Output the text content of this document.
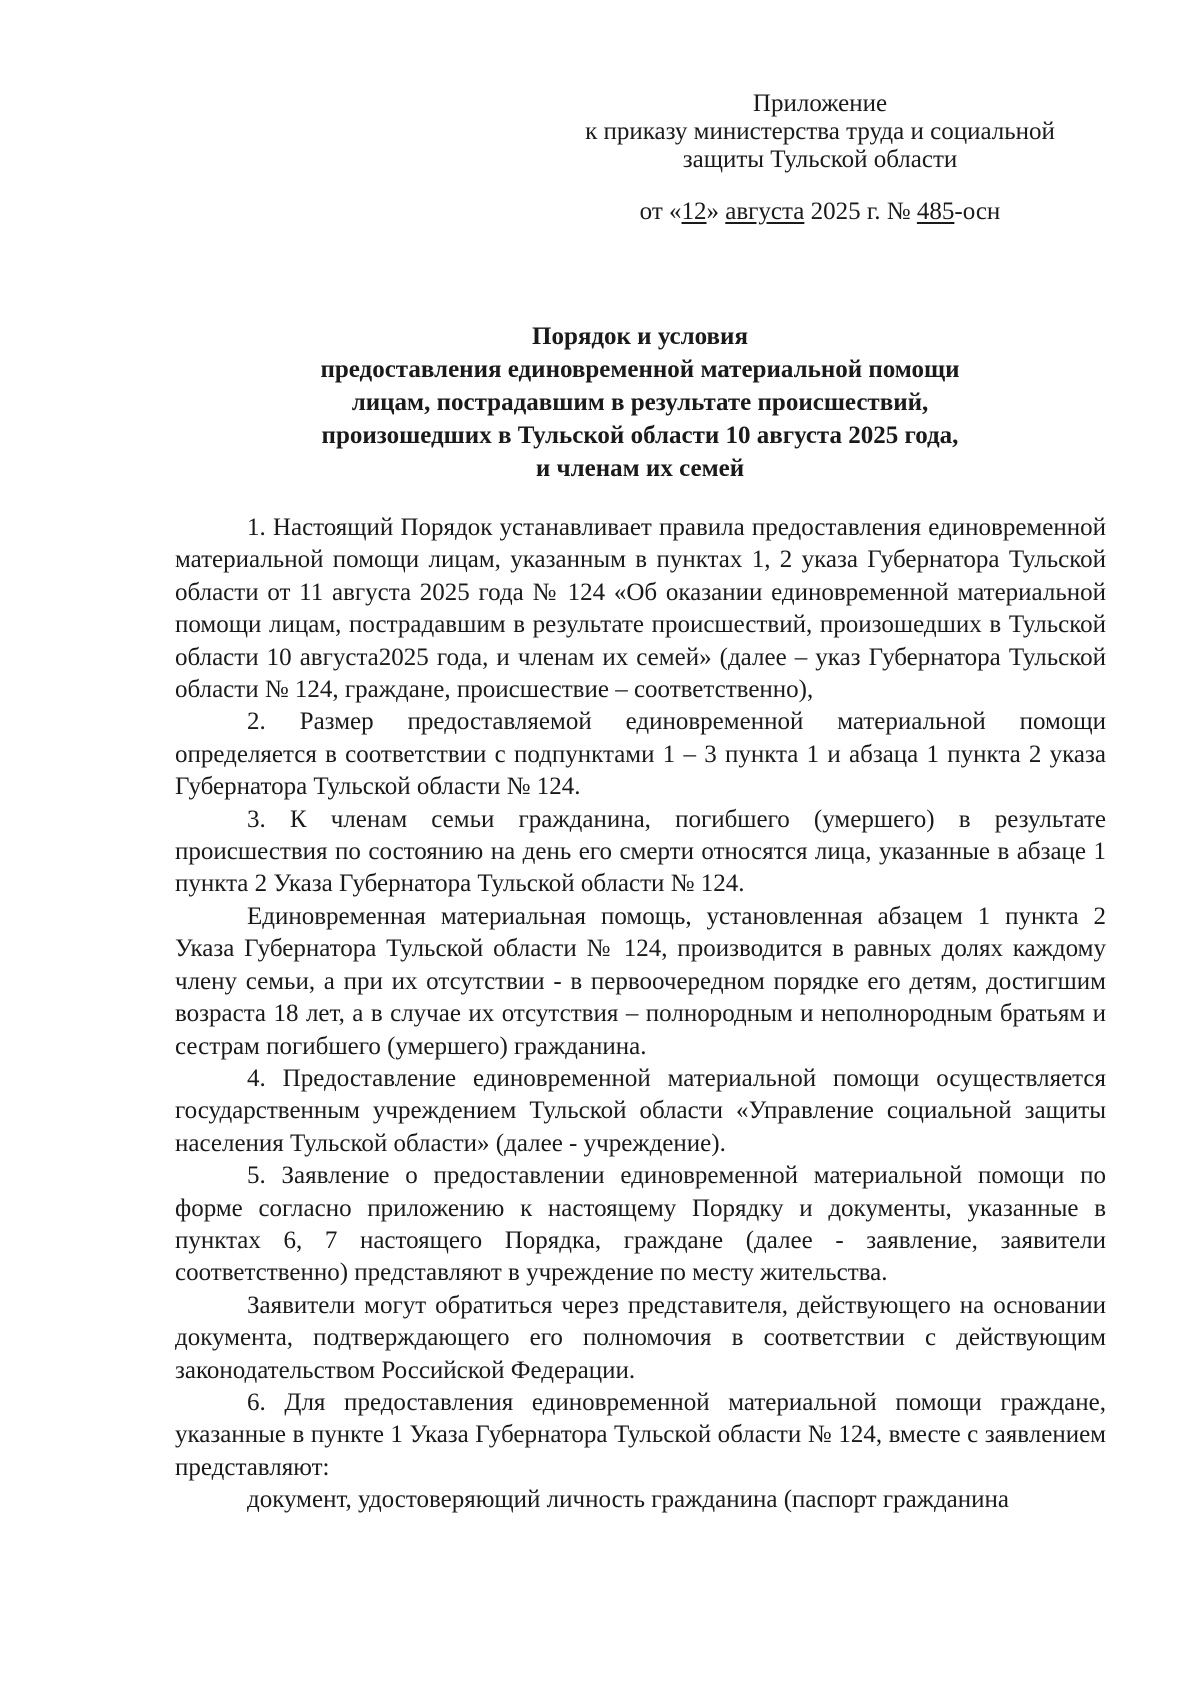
Приложение
к приказу министерства труда и социальной
защиты Тульской области
от «12» августа 2025 г. № 485-осн
Порядок и условия
предоставления единовременной материальной помощи
лицам, пострадавшим в результате происшествий,
произошедших в Тульской области 10 августа 2025 года,
и членам их семей

1. Настоящий Порядок устанавливает правила предоставления единовременной материальной помощи лицам, указанным в пунктах 1, 2 указа Губернатора Тульской области от 11 августа 2025 года № 124 «Об оказании единовременной материальной помощи лицам, пострадавшим в результате происшествий, произошедших в Тульской области 10 августа2025 года, и членам их семей» (далее – указ Губернатора Тульской области № 124, граждане, происшествие – соответственно),

2. Размер предоставляемой единовременной материальной помощи определяется в соответствии с подпунктами 1 – 3 пункта 1 и абзаца 1 пункта 2 указа Губернатора Тульской области № 124.

3. К членам семьи гражданина, погибшего (умершего) в результате происшествия по состоянию на день его смерти относятся лица, указанные в абзаце 1 пункта 2 Указа Губернатора Тульской области № 124.

Единовременная материальная помощь, установленная абзацем 1 пункта 2 Указа Губернатора Тульской области № 124, производится в равных долях каждому члену семьи, а при их отсутствии - в первоочередном порядке его детям, достигшим возраста 18 лет, а в случае их отсутствия – полнородным и неполнородным братьям и сестрам погибшего (умершего) гражданина.

4. Предоставление единовременной материальной помощи осуществляется государственным учреждением Тульской области «Управление социальной защиты населения Тульской области» (далее - учреждение).

5. Заявление о предоставлении единовременной материальной помощи по форме согласно приложению к настоящему Порядку и документы, указанные в пунктах 6, 7 настоящего Порядка, граждане (далее - заявление, заявители соответственно) представляют в учреждение по месту жительства.

Заявители могут обратиться через представителя, действующего на основании документа, подтверждающего его полномочия в соответствии с действующим законодательством Российской Федерации.

6. Для предоставления единовременной материальной помощи граждане, указанные в пункте 1 Указа Губернатора Тульской области № 124, вместе с заявлением представляют:

документ, удостоверяющий личность гражданина (паспорт гражданина
